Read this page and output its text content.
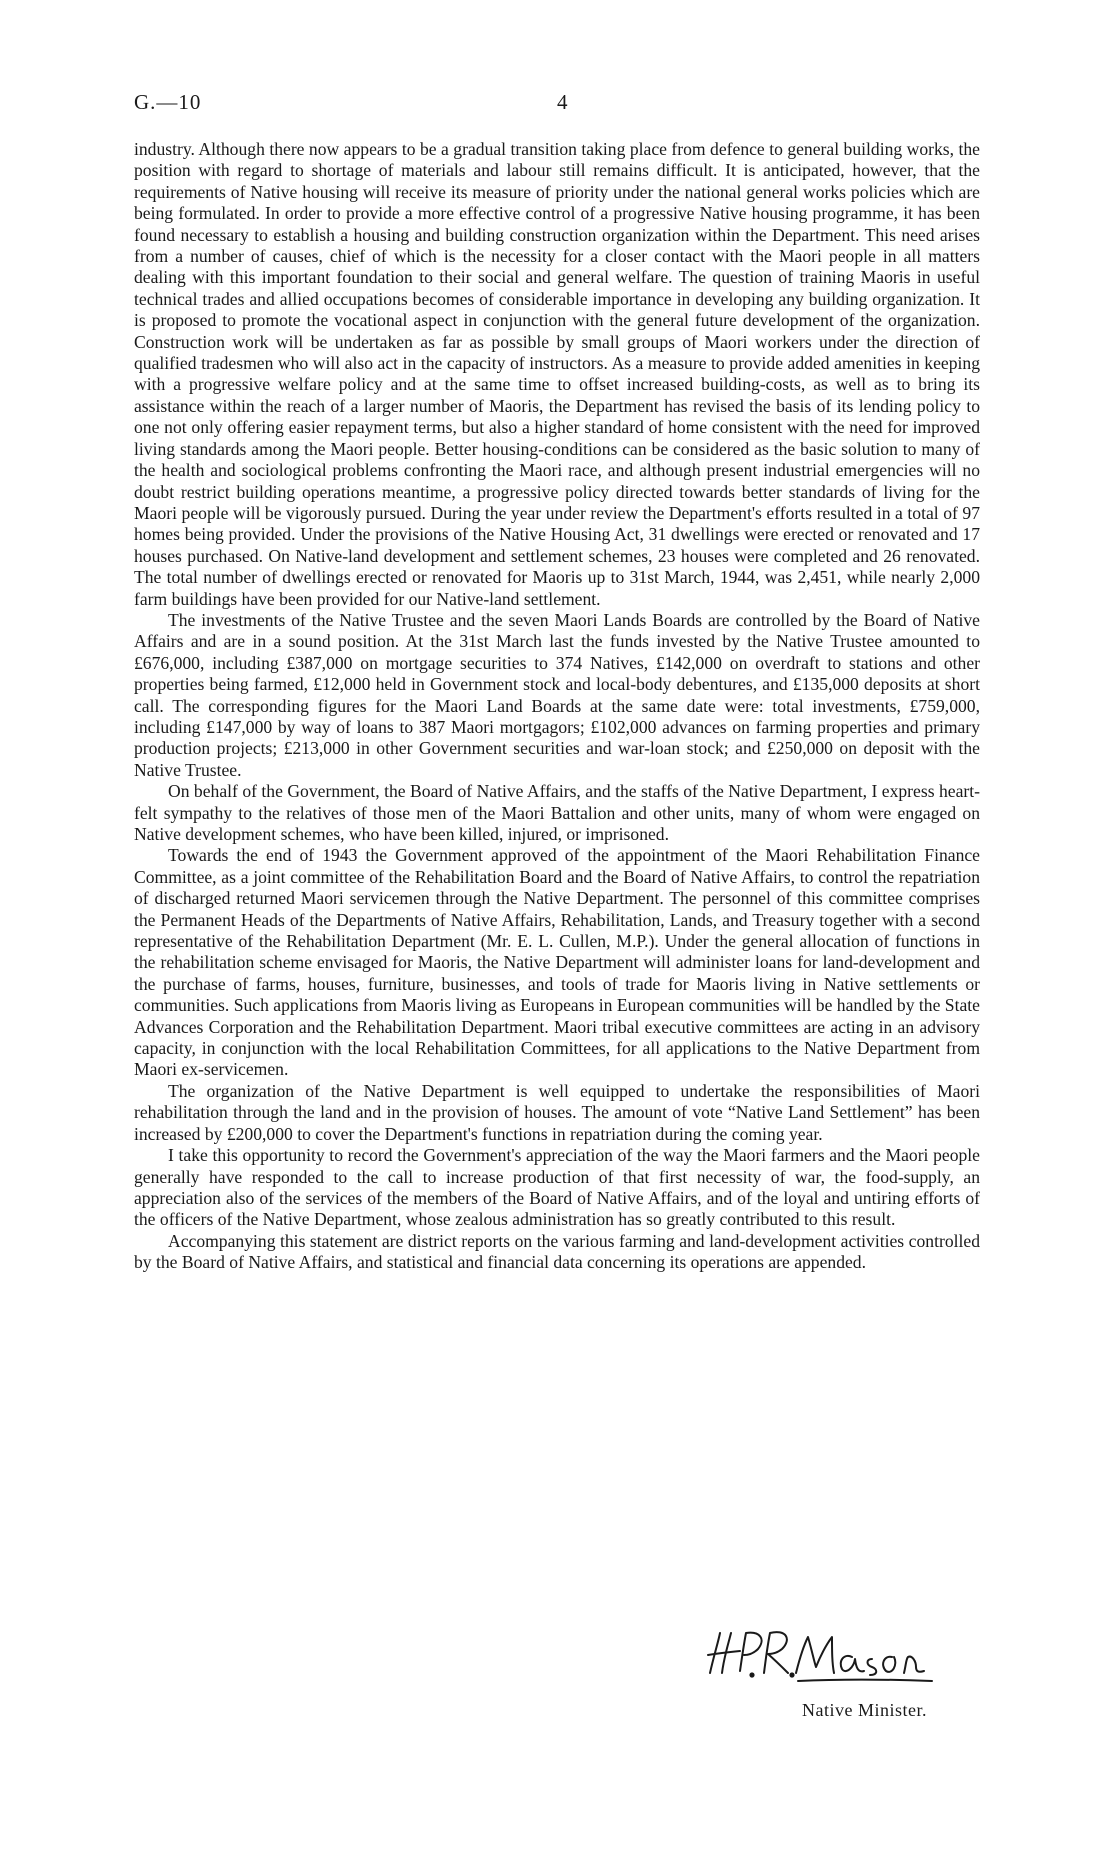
G.—10	4

industry. Although there now appears to be a gradual transition taking place from defence to general building works, the position with regard to shortage of materials and labour still remains difficult. It is anticipated, however, that the requirements of Native housing will receive its measure of priority under the national general works policies which are being formulated. In order to provide a more effective control of a progressive Native housing programme, it has been found necessary to establish a housing and building construction organization within the Department. This need arises from a number of causes, chief of which is the necessity for a closer contact with the Maori people in all matters dealing with this important foundation to their social and general welfare. The question of training Maoris in useful technical trades and allied occupations becomes of considerable importance in developing any building organization. It is proposed to promote the vocational aspect in conjunction with the general future development of the organization. Construction work will be undertaken as far as possible by small groups of Maori workers under the direction of qualified tradesmen who will also act in the capacity of instructors. As a measure to provide added amenities in keeping with a progressive welfare policy and at the same time to offset increased building-costs, as well as to bring its assistance within the reach of a larger number of Maoris, the Department has revised the basis of its lending policy to one not only offering easier repayment terms, but also a higher standard of home consistent with the need for improved living standards among the Maori people. Better housing-conditions can be considered as the basic solution to many of the health and sociological problems confronting the Maori race, and although present industrial emergencies will no doubt restrict building operations meantime, a progressive policy directed towards better standards of living for the Maori people will be vigorously pursued. During the year under review the Department's efforts resulted in a total of 97 homes being provided. Under the provisions of the Native Housing Act, 31 dwellings were erected or renovated and 17 houses purchased. On Native-land development and settlement schemes, 23 houses were completed and 26 renovated. The total number of dwellings erected or renovated for Maoris up to 31st March, 1944, was 2,451, while nearly 2,000 farm buildings have been provided for our Native-land settlement.

The investments of the Native Trustee and the seven Maori Lands Boards are controlled by the Board of Native Affairs and are in a sound position. At the 31st March last the funds invested by the Native Trustee amounted to £676,000, including £387,000 on mortgage securities to 374 Natives, £142,000 on overdraft to stations and other properties being farmed, £12,000 held in Government stock and local-body debentures, and £135,000 deposits at short call. The corresponding figures for the Maori Land Boards at the same date were: total investments, £759,000, including £147,000 by way of loans to 387 Maori mortgagors; £102,000 advances on farming properties and primary production projects; £213,000 in other Government securities and war-loan stock; and £250,000 on deposit with the Native Trustee.

On behalf of the Government, the Board of Native Affairs, and the staffs of the Native Department, I express heart-felt sympathy to the relatives of those men of the Maori Battalion and other units, many of whom were engaged on Native development schemes, who have been killed, injured, or imprisoned.

Towards the end of 1943 the Government approved of the appointment of the Maori Rehabilitation Finance Committee, as a joint committee of the Rehabilitation Board and the Board of Native Affairs, to control the repatriation of discharged returned Maori servicemen through the Native Department. The personnel of this committee comprises the Permanent Heads of the Departments of Native Affairs, Rehabilitation, Lands, and Treasury together with a second representative of the Rehabilitation Department (Mr. E. L. Cullen, M.P.). Under the general allocation of functions in the rehabilitation scheme envisaged for Maoris, the Native Department will administer loans for land-development and the purchase of farms, houses, furniture, businesses, and tools of trade for Maoris living in Native settlements or communities. Such applications from Maoris living as Europeans in European communities will be handled by the State Advances Corporation and the Rehabilitation Department. Maori tribal executive committees are acting in an advisory capacity, in conjunction with the local Rehabilitation Committees, for all applications to the Native Department from Maori ex-servicemen.

The organization of the Native Department is well equipped to undertake the responsibilities of Maori rehabilitation through the land and in the provision of houses. The amount of vote “Native Land Settlement” has been increased by £200,000 to cover the Department's functions in repatriation during the coming year.

I take this opportunity to record the Government's appreciation of the way the Maori farmers and the Maori people generally have responded to the call to increase production of that first necessity of war, the food-supply, an appreciation also of the services of the members of the Board of Native Affairs, and of the loyal and untiring efforts of the officers of the Native Department, whose zealous administration has so greatly contributed to this result.

Accompanying this statement are district reports on the various farming and land-development activities controlled by the Board of Native Affairs, and statistical and financial data concerning its operations are appended.

Native Minister.
